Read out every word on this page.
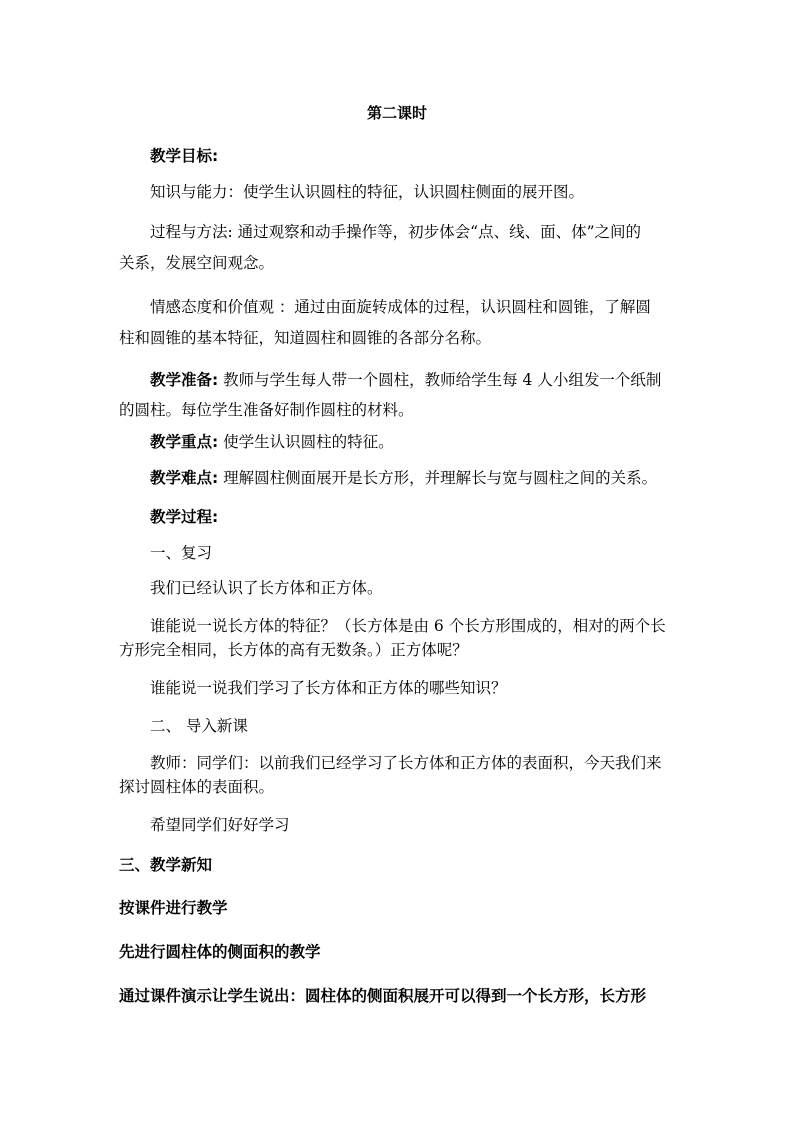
第二课时
教学目标:
知识与能力：使学生认识圆柱的特征，认识圆柱侧面的展开图。
过程与方法: 通过观察和动手操作等，初步体会“点、线、面、体”之间的
关系，发展空间观念。
情感态度和价值观 ：通过由面旋转成体的过程，认识圆柱和圆锥，了解圆
柱和圆锥的基本特征，知道圆柱和圆锥的各部分名称。
教学准备: 教师与学生每人带一个圆柱，教师给学生每 4 人小组发一个纸制
的圆柱。每位学生准备好制作圆柱的材料。
教学重点: 使学生认识圆柱的特征。
教学难点: 理解圆柱侧面展开是长方形，并理解长与宽与圆柱之间的关系。
教学过程:
一、复习
我们已经认识了长方体和正方体。
谁能说一说长方体的特征？（长方体是由 6 个长方形围成的，相对的两个长
方形完全相同，长方体的高有无数条。）正方体呢？
谁能说一说我们学习了长方体和正方体的哪些知识？
二、 导入新课
教师：同学们：以前我们已经学习了长方体和正方体的表面积，今天我们来
探讨圆柱体的表面积。
希望同学们好好学习
三、教学新知
按课件进行教学
先进行圆柱体的侧面积的教学
通过课件演示让学生说出：圆柱体的侧面积展开可以得到一个长方形，长方形
